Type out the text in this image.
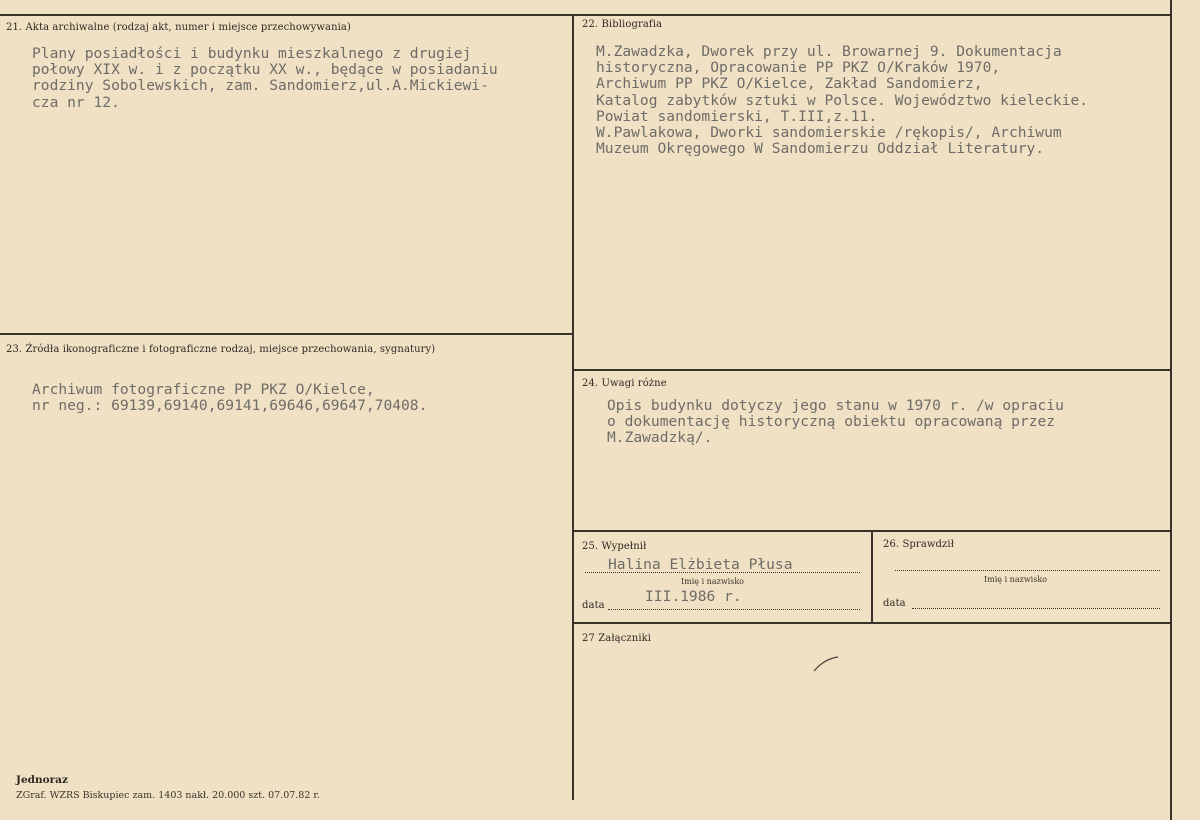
21. Akta archiwalne (rodzaj akt, numer i miejsce przechowywania)
Plany posiadłości i budynku mieszkalnego z drugiej
połowy XIX w. i z początku XX w., będące w posiadaniu
rodziny Sobolewskich, zam. Sandomierz,ul.A.Mickiewi-
cza nr 12.
22. Bibliografia
M.Zawadzka, Dworek przy ul. Browarnej 9. Dokumentacja
historyczna, Opracowanie PP PKZ O/Kraków 1970,
Archiwum PP PKZ O/Kielce, Zakład Sandomierz,
Katalog zabytków sztuki w Polsce. Województwo kieleckie.
Powiat sandomierski, T.III,z.11.
W.Pawlakowa, Dworki sandomierskie /rękopis/, Archiwum
Muzeum Okręgowego W Sandomierzu Oddział Literatury.
23. Źródła ikonograficzne i fotograficzne rodzaj, miejsce przechowania, sygnatury)
Archiwum fotograficzne PP PKZ O/Kielce,
nr neg.: 69139,69140,69141,69646,69647,70408.
24. Uwagi różne
Opis budynku dotyczy jego stanu w 1970 r. /w opraciu
o dokumentację historyczną obiektu opracowaną przez
M.Zawadzką/.
25. Wypełnił
Halina Elżbieta Płusa
Imię i nazwisko
data
III.1986 r.
26. Sprawdził
Imię i nazwisko
data
27 Załączniki
Jednoraz
ZGraf. WZRS Biskupiec zam. 1403 nakł. 20.000 szt. 07.07.82 r.
